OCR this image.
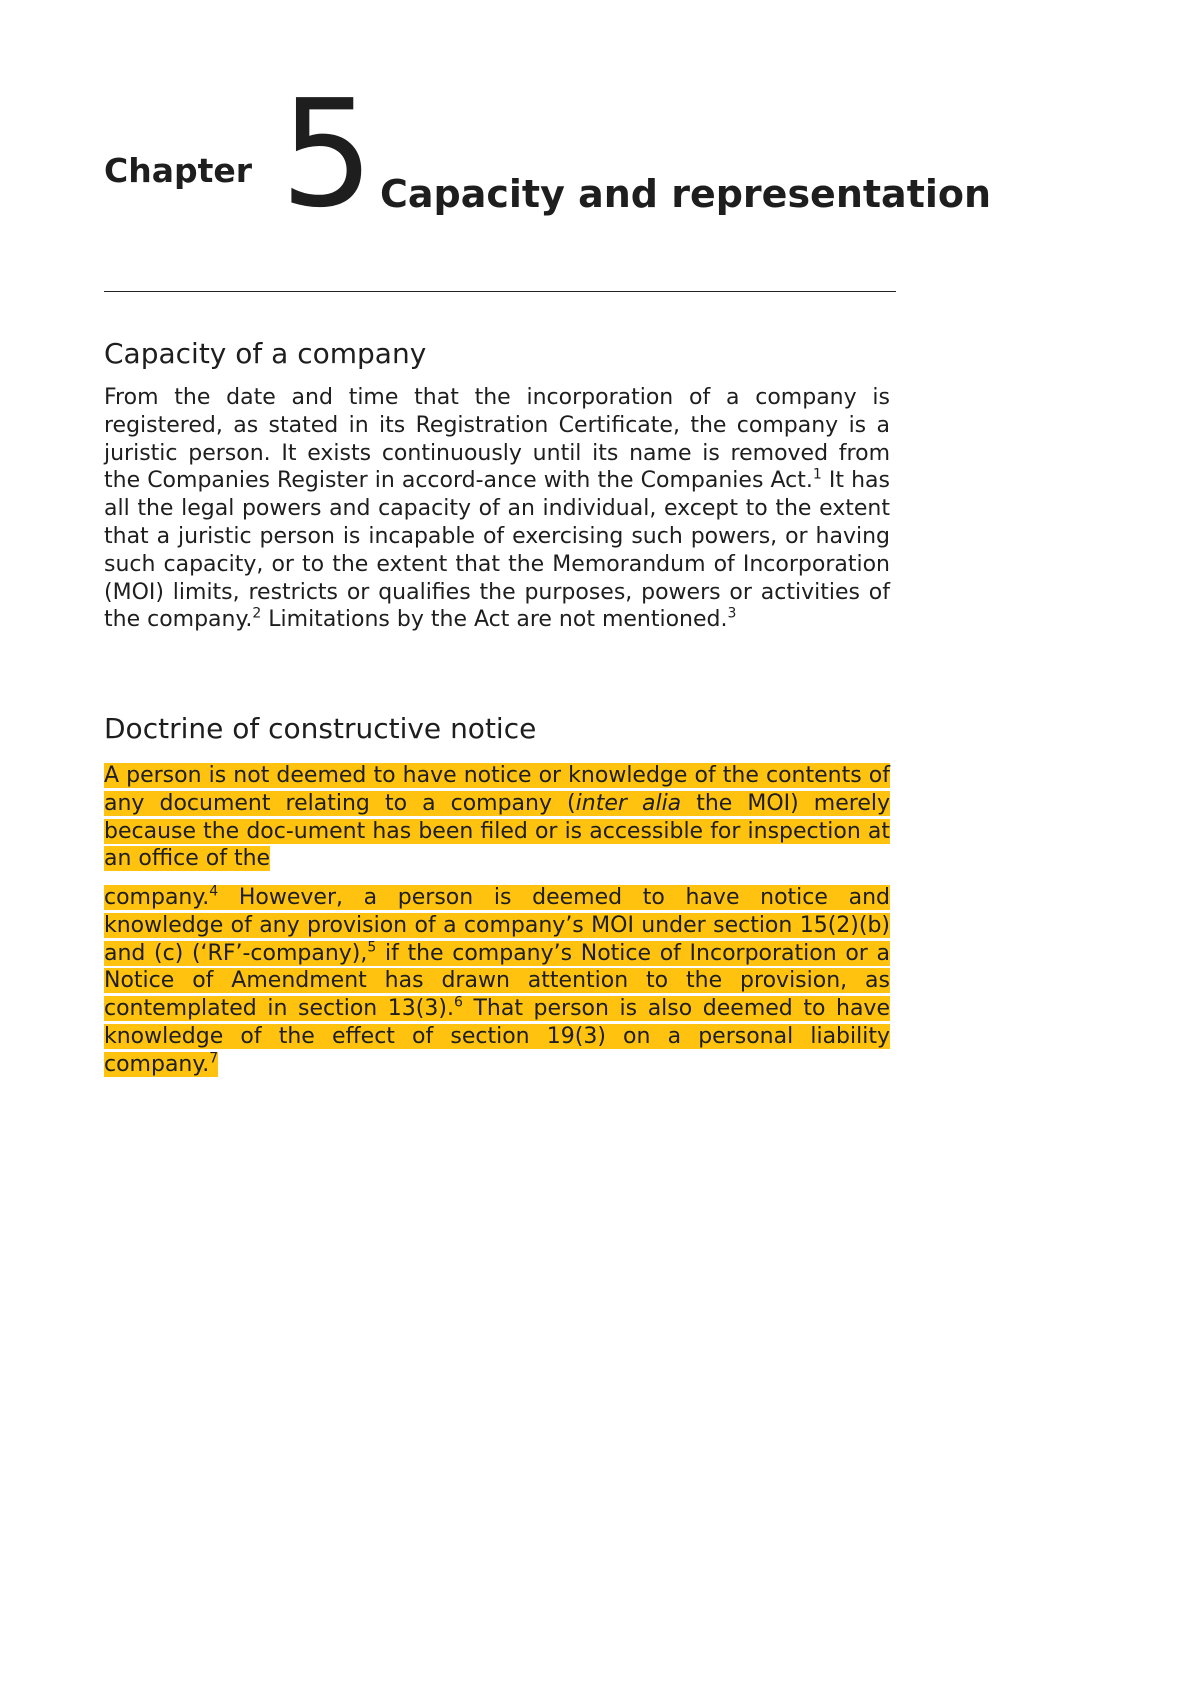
Chapter 5 Capacity and representation
Capacity of a company

From the date and time that the incorporation of a company is registered, as stated in its Registration Certificate, the company is a juristic person. It exists continuously until its name is removed from the Companies Register in accord-ance with the Companies Act.$^1$ It has all the legal powers and capacity of an individual, except to the extent that a juristic person is incapable of exercising such powers, or having such capacity, or to the extent that the Memorandum of Incorporation (MOI) limits, restricts or qualifies the purposes, powers or activities of the company.$^2$ Limitations by the Act are not mentioned.$^3$

Doctrine of constructive notice

A person is not deemed to have notice or knowledge of the contents of any document relating to a company (inter alia the MOI) merely because the doc-ument has been filed or is accessible for inspection at an office of the

company.$^4$ However, a person is deemed to have notice and knowledge of any provision of a company’s MOI under section 15(2)(b) and (c) (‘RF’-company),$^5$ if the company’s Notice of Incorporation or a Notice of Amendment has drawn attention to the provision, as contemplated in section 13(3).$^6$ That person is also deemed to have knowledge of the effect of section 19(3) on a personal liability company.$^7$
